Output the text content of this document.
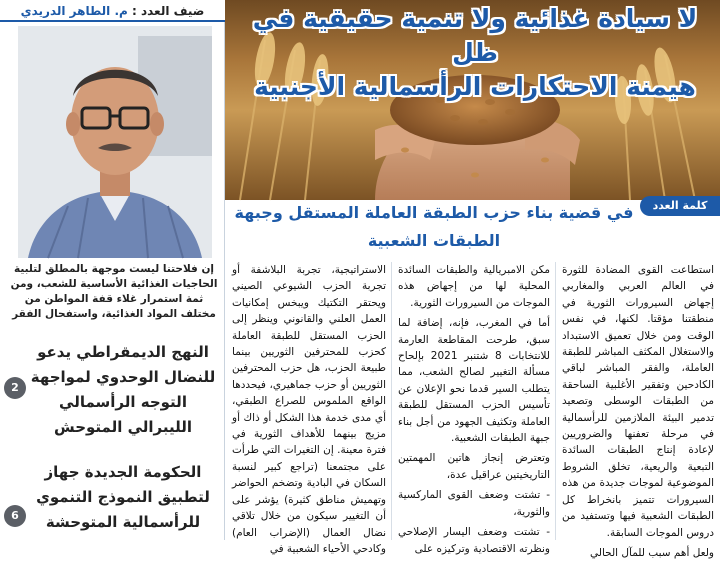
لا سيادة غذائية ولا تنمية حقيقية في ظل
هيمنة الاحتكارات الرأسمالية الأجنبية
ضيف العدد : م. الطاهر الدريدي
إن فلاحتنا ليست موجهة بالمطلق لتلبية الحاجيات الغذائية الأساسية للشعب، ومن ثمة استمرار غلاء قفة المواطن من مختلف المواد الغذائية، واستفحال الفقر
النهج الديمقراطي يدعو للنضال الوحدوي لمواجهة التوجه الرأسمالي الليبرالي المتوحش
2
الحكومة الجديدة جهاز لتطبيق النموذج التنموي للرأسمالية المتوحشة
6
كلمة العدد
في قضية بناء حزب الطبقة العاملة المستقل وجبهة الطبقات الشعبية

استطاعت القوى المضادة للثورة في العالم العربي والمغاربي إجهاض السيرورات الثورية في منطقتنا مؤقتا. لكنها، في نفس الوقت ومن خلال تعميق الاستبداد والاستغلال المكثف المباشر للطبقة العاملة، والفقر المباشر لباقي الكادحين وتفقير الأغلبية الساحقة من الطبقات الوسطى وتصعيد تدمير البيئة الملازمين للرأسمالية في مرحلة تعفنها والضروريين لإعادة إنتاج الطبقات السائدة التبعية والريعية، تخلق الشروط الموضوعية لموجات جديدة من هذه السيرورات تتميز بانخراط كل الطبقات الشعبية فيها وتستفيد من دروس الموجات السابقة.

ولعل أهم سبب للمآل الحالي

مكن الامبريالية والطبقات السائدة المحلية لها من إجهاض هذه الموجات من السيرورات الثورية.

أما في المغرب، فإنه، إضافة لما سبق، طرحت المقاطعة العارمة للانتخابات 8 شتنبر 2021 بإلحاح مسألة التغيير لصالح الشعب، مما يتطلب السير قدما نحو الإعلان عن تأسيس الحزب المستقل للطبقة العاملة وتكثيف الجهود من أجل بناء جبهة الطبقات الشعبية.

وتعترض إنجاز هاتين المهمتين التاريخيتين عراقيل عدة،

- تشتت وضعف القوى الماركسية والثورية،

- تشتت وضعف اليسار الإصلاحي ونظرته الاقتصادية وتركيزه على

الاستراتيجية، تجربة البلاشفة أو تجربة الحزب الشيوعي الصيني ويحتقر التكتيك ويبخس إمكانيات العمل العلني والقانوني وينظر إلى الحزب المستقل للطبقة العاملة كحزب للمحترفين الثوريين بينما طبيعة الحزب، هل حزب المحترفين الثوريين أو حزب جماهيري، فيحددها الواقع الملموس للصراع الطبقي، أي مدى خدمة هذا الشكل أو ذاك أو مزيج بينهما للأهداف الثورية في فترة معينة. إن التغيرات التي طرأت على مجتمعنا (تراجع كبير لنسبة السكان في البادية وتضخم الحواضر وتهميش مناطق كثيرة) يؤشر على أن التغيير سيكون من خلال تلاقي نضال العمال (الإضراب العام) وكادحي الأحياء الشعبية في
